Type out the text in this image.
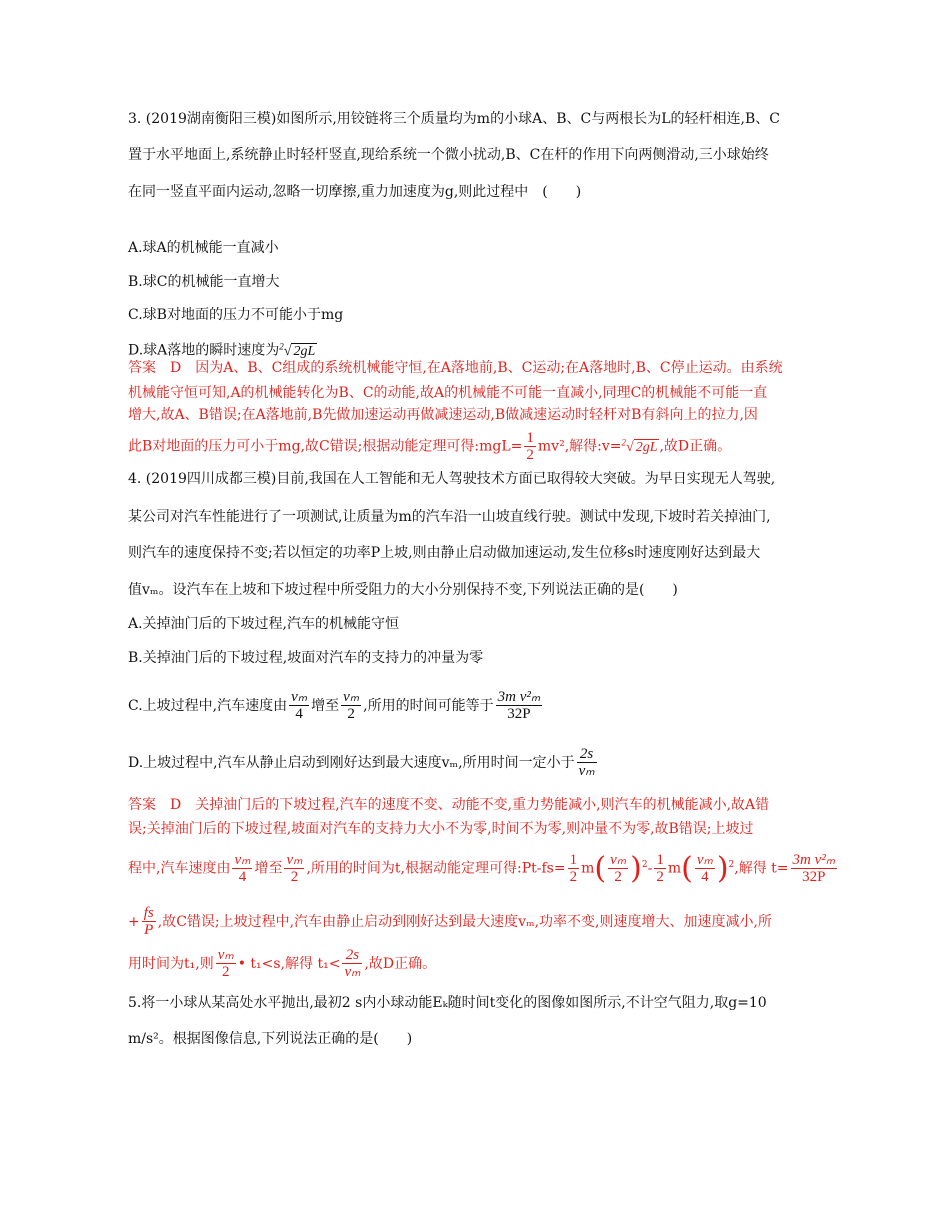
3. (2019湖南衡阳三模)如图所示,用铰链将三个质量均为m的小球A、B、C与两根长为L的轻杆相连,B、C
置于水平地面上,系统静止时轻杆竖直,现给系统一个微小扰动,B、C在杆的作用下向两侧滑动,三小球始终
在同一竖直平面内运动,忽略一切摩擦,重力加速度为g,则此过程中　(　　)
A.球A的机械能一直减小
B.球C的机械能一直增大
C.球B对地面的压力不可能小于mg
D.球A落地的瞬时速度为$^2$√ 2gL
答案　D　因为A、B、C组成的系统机械能守恒,在A落地前,B、C运动;在A落地时,B、C停止运动。由系统
机械能守恒可知,A的机械能转化为B、C的动能,故A的机械能不可能一直减小,同理C的机械能不可能一直
增大,故A、B错误;在A落地前,B先做加速运动再做减速运动,B做减速运动时轻杆对B有斜向上的拉力,因
此B对地面的压力可小于mg,故C错误;根据动能定理可得:mgL= $\frac{1}{2} mv^2$,解得:v=$^2$√ 2gL ,故D正确。
4. (2019四川成都三模)目前,我国在人工智能和无人驾驶技术方面已取得较大突破。为早日实现无人驾驶,
某公司对汽车性能进行了一项测试,让质量为m的汽车沿一山坡直线行驶。测试中发现,下坡时若关掉油门,
则汽车的速度保持不变;若以恒定的功率P上坡,则由静止启动做加速运动,发生位移s时速度刚好达到最大
值vₘ。设汽车在上坡和下坡过程中所受阻力的大小分别保持不变,下列说法正确的是(　　)
A.关掉油门后的下坡过程,汽车的机械能守恒
B.关掉油门后的下坡过程,坡面对汽车的支持力的冲量为零
C.上坡过程中,汽车速度由 $\frac{\text{vₘ}}{4}$ 增至 $\frac{\text{vₘ}}{2}$ ,所用的时间可能等于 $\frac{\text{3m v²ₘ}}{32P}$
D.上坡过程中,汽车从静止启动到刚好达到最大速度vₘ,所用时间一定小于 $\frac{2s}{\text{vₘ}}$
答案　D　关掉油门后的下坡过程,汽车的速度不变、动能不变,重力势能减小,则汽车的机械能减小,故A错
误;关掉油门后的下坡过程,坡面对汽车的支持力大小不为零,时间不为零,则冲量不为零,故B错误;上坡过
程中,汽车速度由 $\frac{\text{vₘ}}{4}$ 增至 $\frac{\text{vₘ}}{2}$ ,所用的时间为t,根据动能定理可得:Pt-fs= $\frac{1}{2} m( \frac{\text{vₘ}}{2} )^2- \frac{1}{2} m( \frac{\text{vₘ}}{4} )^2$,解得 $t= \frac{\text{3m v²ₘ}}{32P}$
+ $\frac{fs}{P}$ ,故C错误;上坡过程中,汽车由静止启动到刚好达到最大速度vₘ,功率不变,则速度增大、加速度减小,所
用时间为t₁,则 $\frac{\text{vₘ}}{2}$ • t₁<s,解得 $t_1< \frac{2s}{\text{vₘ}}$ ,故D正确。
5.将一小球从某高处水平抛出,最初2 s内小球动能Eₖ随时间t变化的图像如图所示,不计空气阻力,取g=10
m/s²。根据图像信息,下列说法正确的是(　　)
